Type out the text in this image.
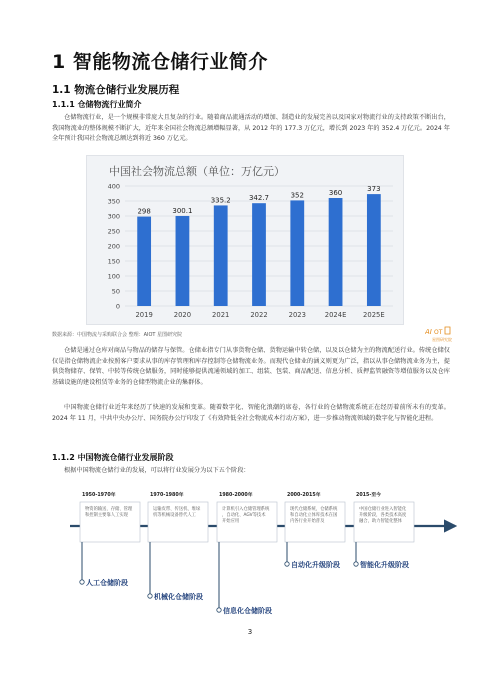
1 智能物流仓储行业简介
1.1 物流仓储行业发展历程
1.1.1 仓储物流行业简介
仓储物流行业，是一个规模非常庞大且复杂的行业。随着商品流通活动的增加、制造业的发展完善以及国家对物流行业的支持政策不断出台，我国物流业的整体规模不断扩大，近年来全国社会物流总额增幅显著，从 2012 年的 177.3 万亿元，增长到 2023 年的 352.4 万亿元。2024 年全年预计我国社会物流总额达到将近 360 万亿元。
中国社会物流总额（单位：万亿元）
0
50
100
150
200
250
300
350
400
298
2019
300.1
2020
335.2
2021
342.7
2022
352
2023
360
2024E
373
2025E
数据来源：中国物流与采购联合会 整理：AIOT 星图研究院	AI OT
星图研究院
仓储是通过仓库对商品与物品的储存与保管。仓储业指专门从事货物仓储、货物运输中转仓储，以及以仓储为主的物流配送行业。传统仓储仅仅是指仓储物流企业按照客户要求从事的库存管理和库存控制等仓储物流业务。而现代仓储业的涵义则更为广泛，指以从事仓储物流业务为主，提供货物储存、保管、中转等传统仓储服务，同时能够提供流通领域的加工、组装、包装、商品配送、信息分析、质押监管融资等增值服务以及仓库基础设施的建设租赁等业务的仓储型物流企业的集群体。
中国物流仓储行业近年来经历了快速的发展和变革。随着数字化、智能化浪潮的席卷，各行业的仓储物流系统正在经历着前所未有的变革。2024 年 11 月，中共中央办公厅、国务院办公厅印发了《有效降低全社会物流成本行动方案》，进一步推动物流领域的数字化与智能化进程。
1.1.2 中国物流仓储行业发展阶段
根据中国物流仓储行业的发展，可以将行业发展分为以下五个阶段：
1950-1970年
物资的输送、存储、管理和控制主要靠人工实现
人工仓储阶段
1970-1980年
运输皮带、传送机、堆垛机等机械设备替代人工
机械化仓储阶段
1980-2000年
计算机引入仓储管理系统，自动化、AGV等技术开始应用
信息化仓储阶段
2000-2015年
现代仓储系统，仓储系统和自动化立体库技术在国内各行业开始普及
自动化升级阶段
2015-至今
中国仓储行业进入智能化升级阶段，各类技术高度融合，助力智能化整体
智能化升级阶段
3
